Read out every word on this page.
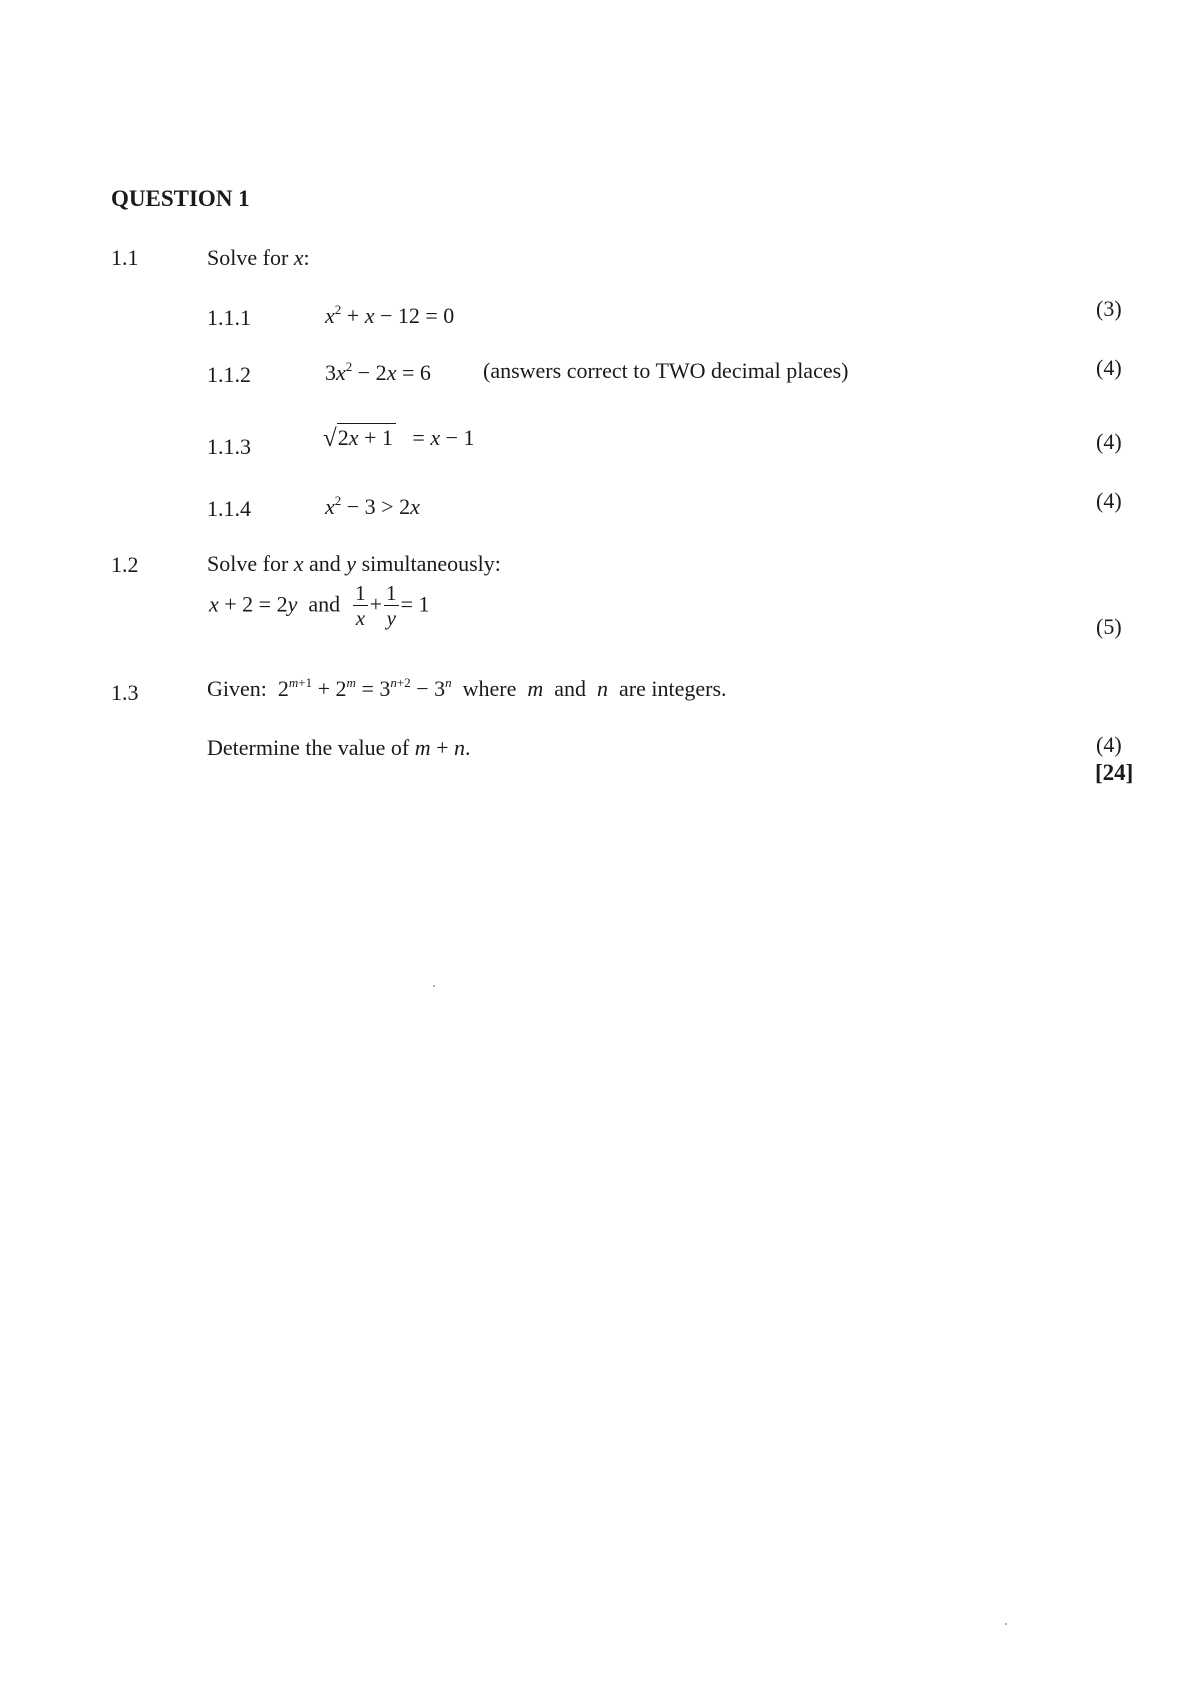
QUESTION 1
1.1	Solve for x:
1.1.1	$x^2 + x - 12 = 0$	(3)
1.1.2	$3x^2 - 2x = 6$ (answers correct to TWO decimal places)	(4)
1.1.3	√2x + 1   = x − 1	(4)
1.1.4	$x^2 - 3 > 2x$	(4)
1.2	Solve for x and y simultaneously:
x + 2 = 2y  and $\frac{1}{x} + \frac{1}{y} = 1$
(5)
1.3	Given:  $2^{m+1} + 2^m = 3^{n+2} - 3^n$  where  m  and  n  are integers.
Determine the value of m + n.	(4)
[24]
